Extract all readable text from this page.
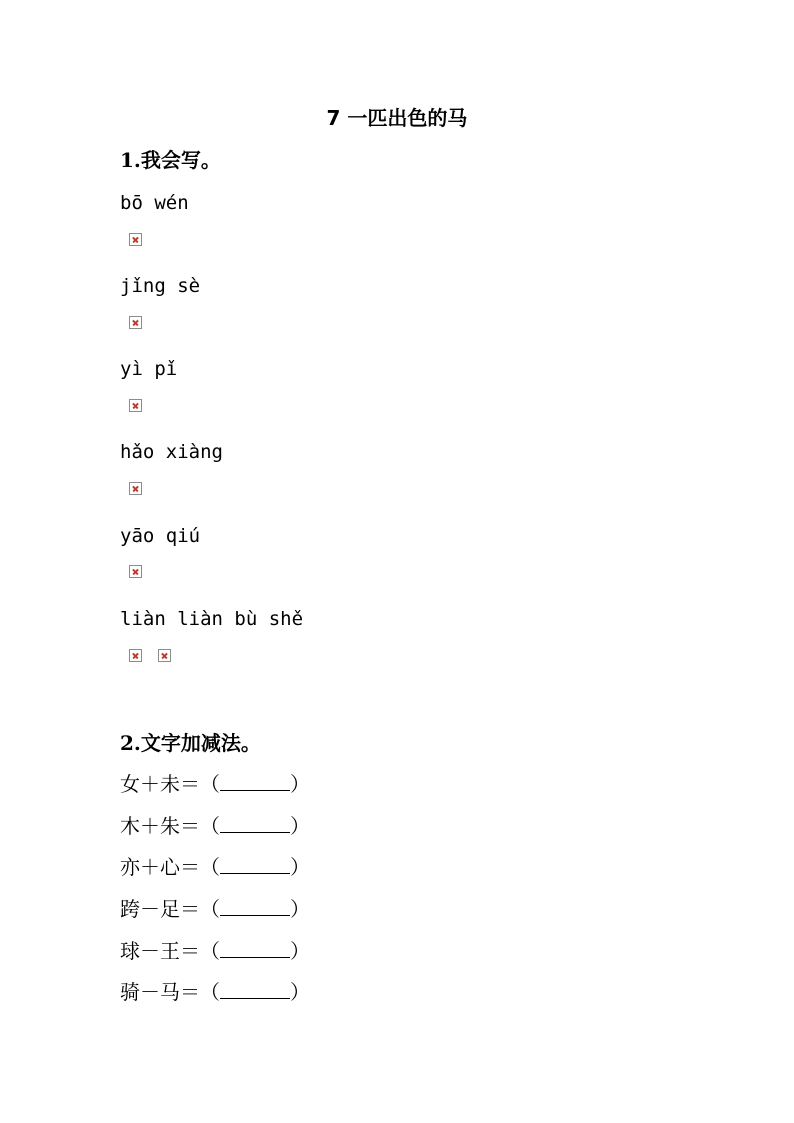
7 一匹出色的马
1.我会写。
bō wén
jǐng sè
yì pǐ
hǎo xiàng
yāo qiú
liàn liàn bù shě
2.文字加减法。
女＋未＝（	）
木＋朱＝（	）
亦＋心＝（	）
跨－足＝（	）
球－王＝（	）
骑－马＝（	）
